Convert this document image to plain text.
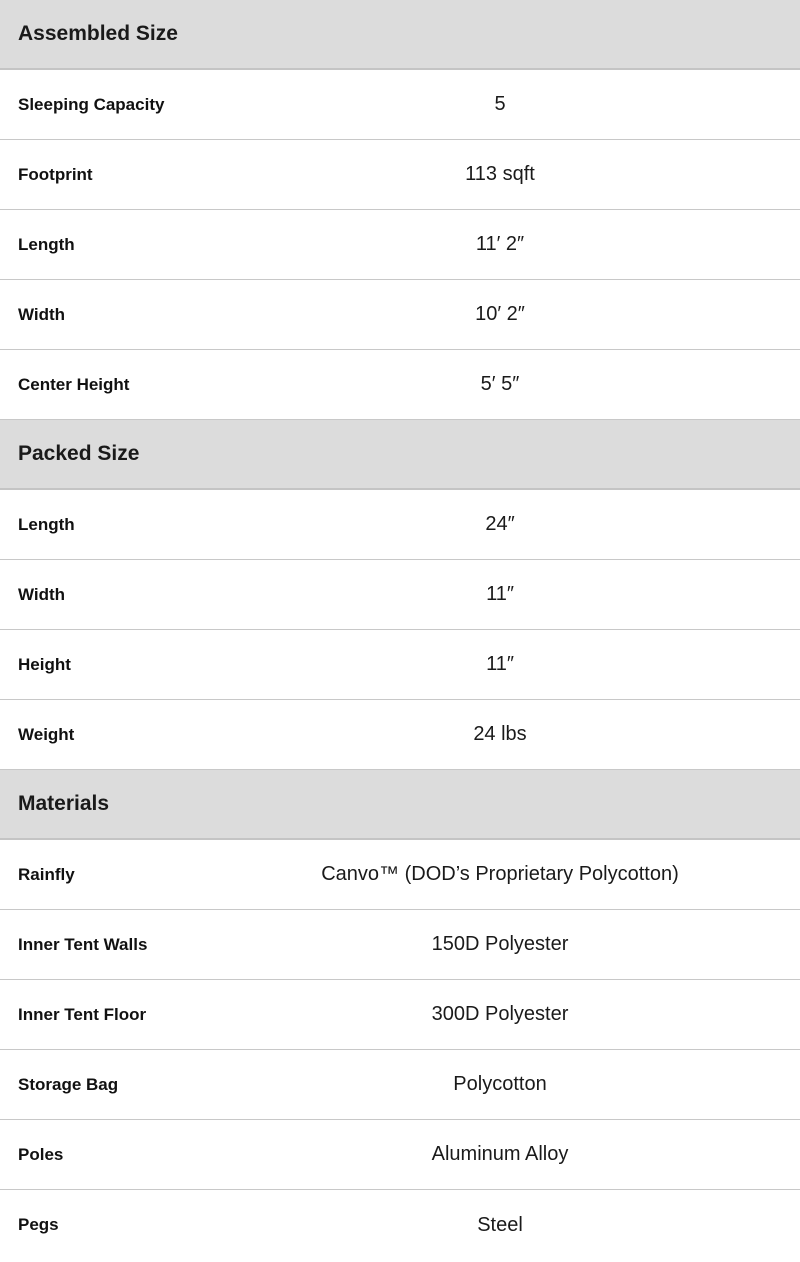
Assembled Size
Sleeping Capacity	5
Footprint	113 sqft
Length	11′ 2″
Width	10′ 2″
Center Height	5′ 5″
Packed Size
Length	24″
Width	11″
Height	11″
Weight	24 lbs
Materials
Rainfly	Canvo™ (DOD’s Proprietary Polycotton)
Inner Tent Walls	150D Polyester
Inner Tent Floor	300D Polyester
Storage Bag	Polycotton
Poles	Aluminum Alloy
Pegs	Steel
